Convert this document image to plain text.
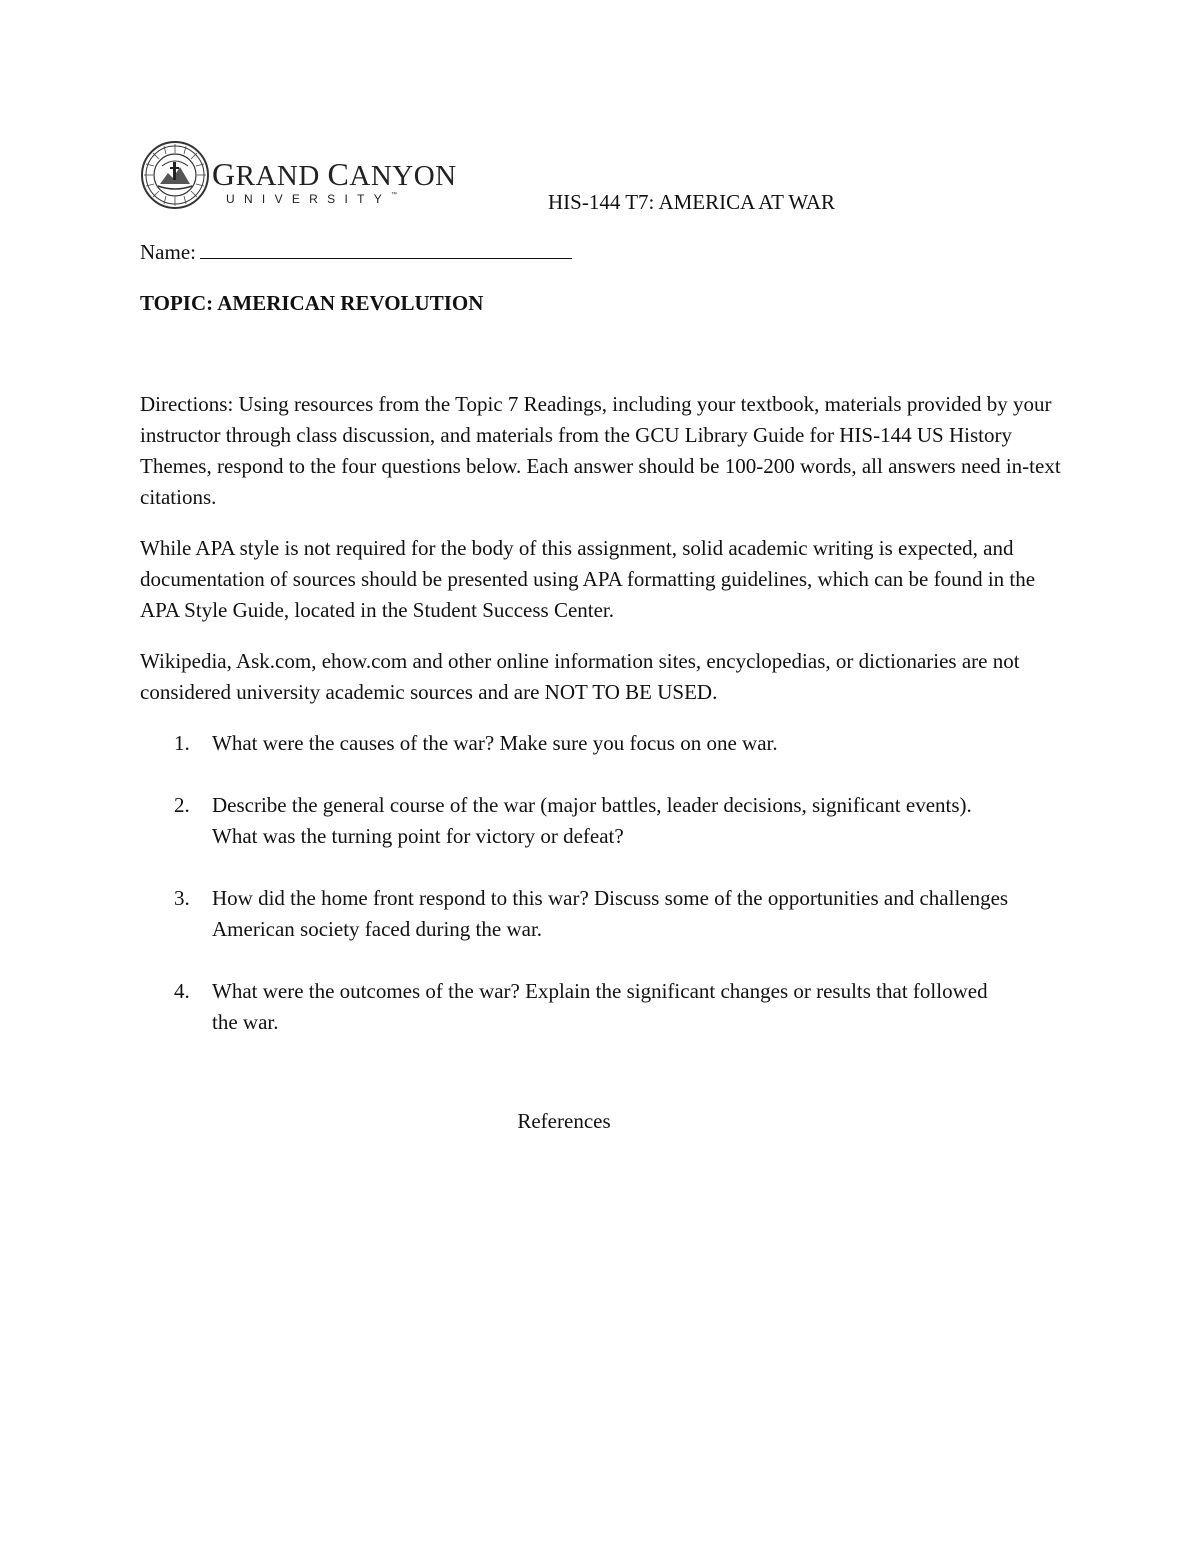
GRAND CANYON
UNIVERSITY™	HIS-144 T7: AMERICA AT WAR
Name:
TOPIC: AMERICAN REVOLUTION

Directions: Using resources from the Topic 7 Readings, including your textbook, materials provided by your instructor through class discussion, and materials from the GCU Library Guide for HIS-144 US History Themes, respond to the four questions below. Each answer should be 100-200 words, all answers need in-text citations.

While APA style is not required for the body of this assignment, solid academic writing is expected, and documentation of sources should be presented using APA formatting guidelines, which can be found in the APA Style Guide, located in the Student Success Center.

Wikipedia, Ask.com, ehow.com and other online information sites, encyclopedias, or dictionaries are not considered university academic sources and are NOT TO BE USED.

1.	What were the causes of the war? Make sure you focus on one war.
2.	Describe the general course of the war (major battles, leader decisions, significant events). What was the turning point for victory or defeat?
3.	How did the home front respond to this war? Discuss some of the opportunities and challenges American society faced during the war.
4.	What were the outcomes of the war? Explain the significant changes or results that followed the war.
References
